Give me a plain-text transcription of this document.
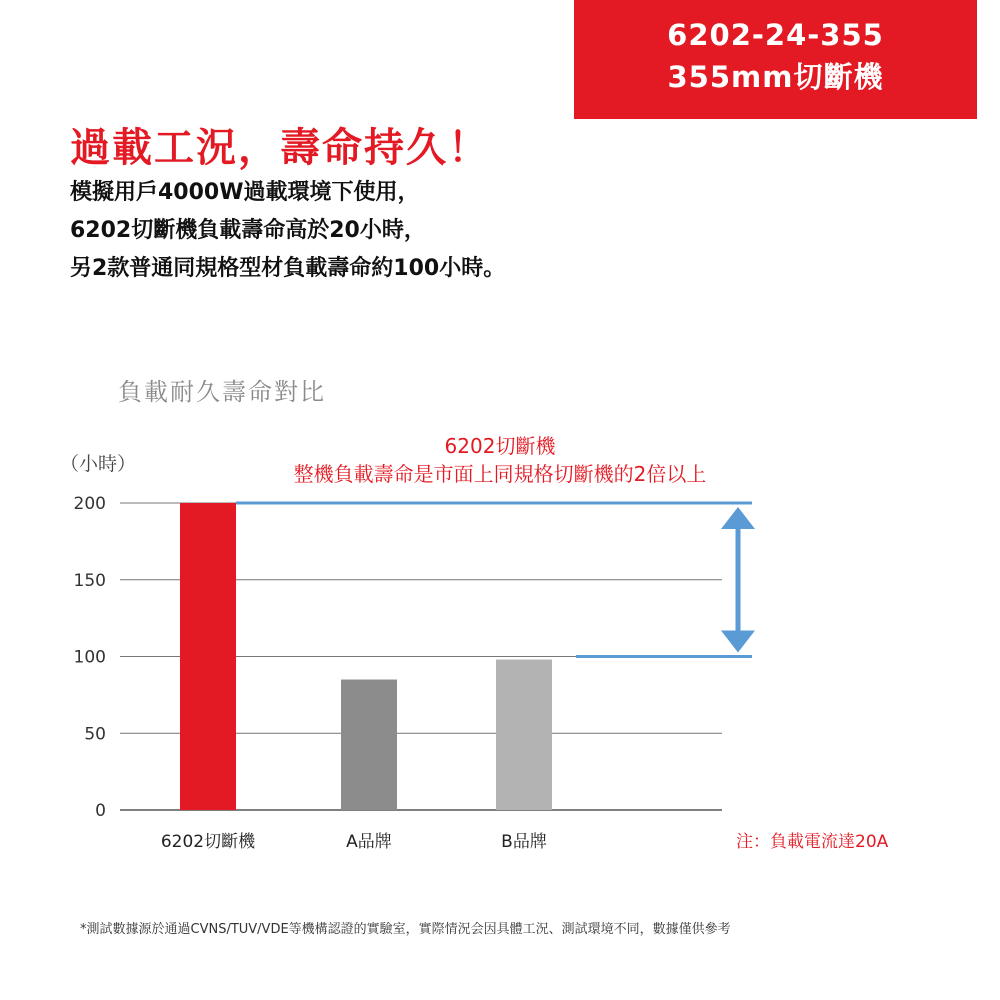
6202-24-355
355mm切斷機
過載工況，壽命持久！
模擬用戶4000W過載環境下使用，
6202切斷機負載壽命高於20小時，
另2款普通同規格型材負載壽命約100小時。
負載耐久壽命對比
（小時）
6202切斷機
整機負載壽命是市面上同規格切斷機的2倍以上
0
50
100
150
200
6202切斷機	A品牌	B品牌	注：負載電流達20A
*測試數據源於通過CVNS/TUV/VDE等機構認證的實驗室，實際情況会因具體工況、測試環境不同，數據僅供參考
